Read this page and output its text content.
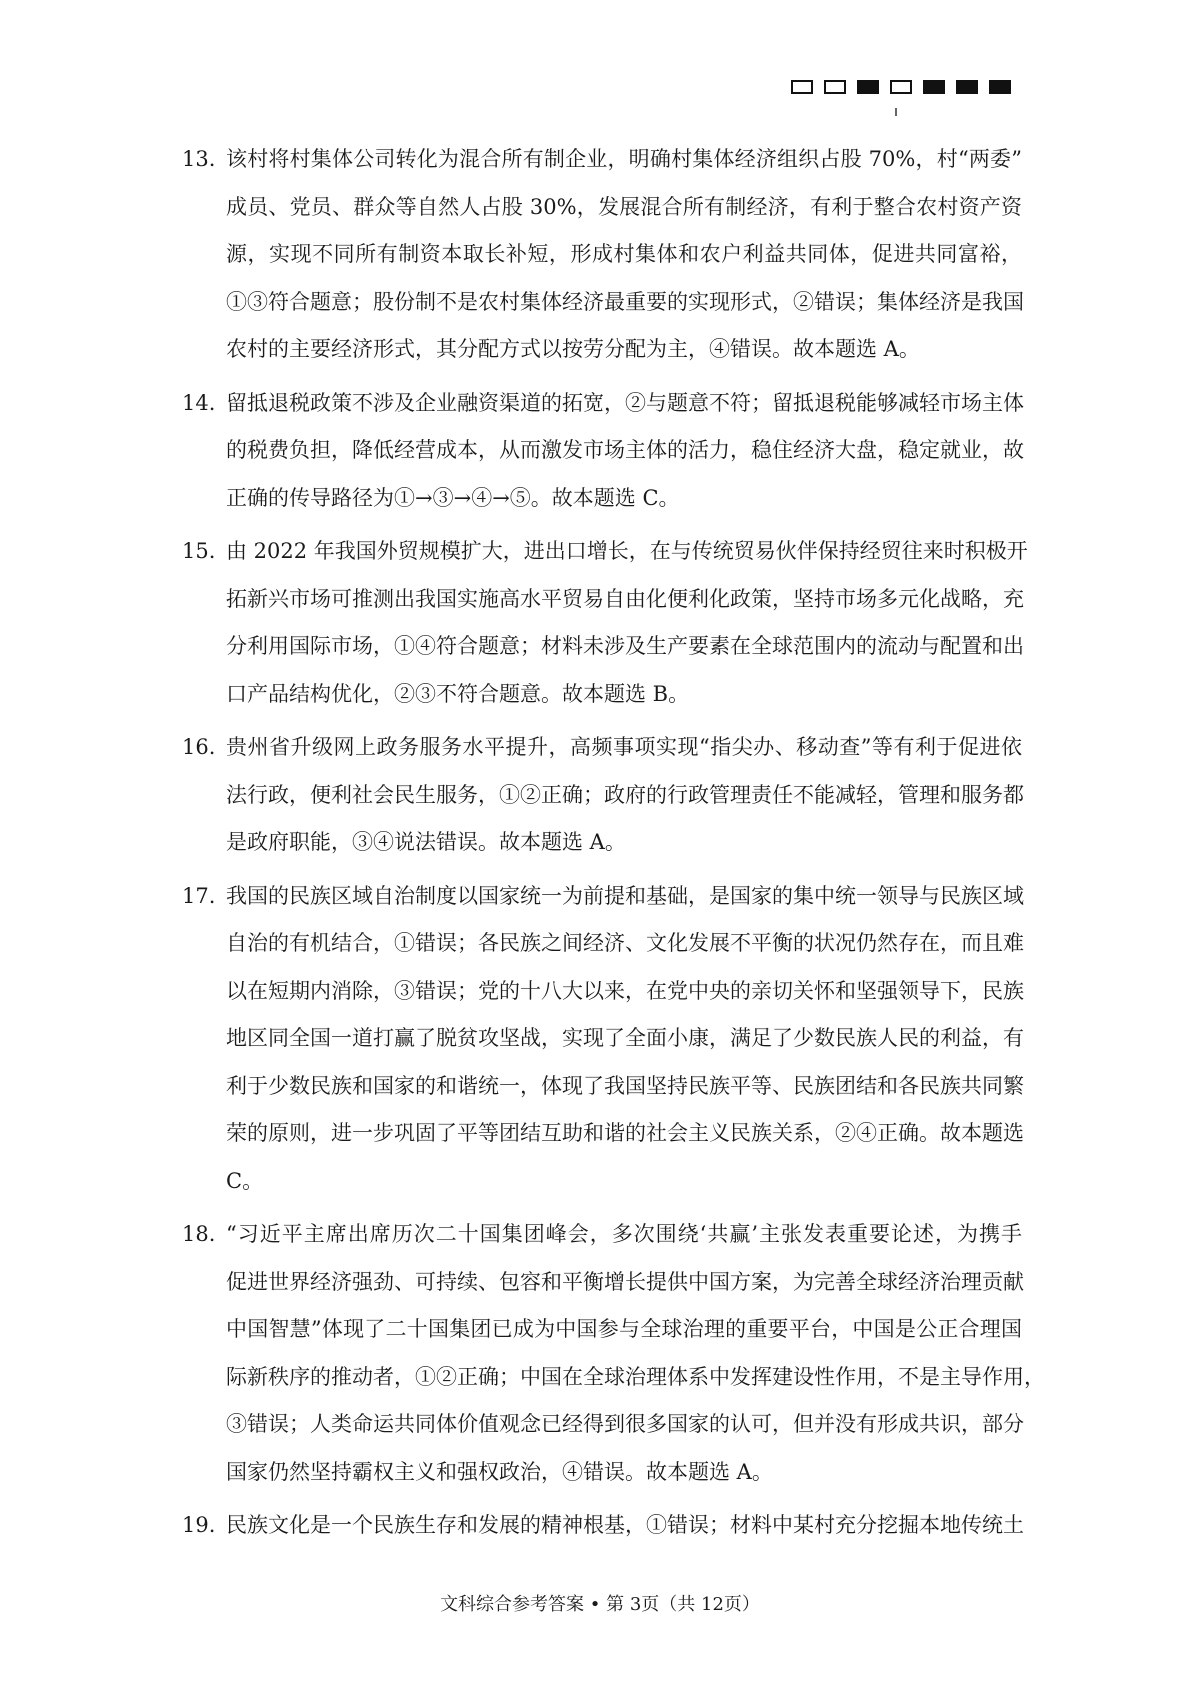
13. 该村将村集体公司转化为混合所有制企业，明确村集体经济组织占股 70%，村“两委”
成员、党员、群众等自然人占股 30%，发展混合所有制经济，有利于整合农村资产资
源，实现不同所有制资本取长补短，形成村集体和农户利益共同体，促进共同富裕，
①③符合题意；股份制不是农村集体经济最重要的实现形式，②错误；集体经济是我国
农村的主要经济形式，其分配方式以按劳分配为主，④错误。故本题选 A。
14. 留抵退税政策不涉及企业融资渠道的拓宽，②与题意不符；留抵退税能够减轻市场主体
的税费负担，降低经营成本，从而激发市场主体的活力，稳住经济大盘，稳定就业，故
正确的传导路径为①→③→④→⑤。故本题选 C。
15. 由 2022 年我国外贸规模扩大，进出口增长，在与传统贸易伙伴保持经贸往来时积极开
拓新兴市场可推测出我国实施高水平贸易自由化便利化政策，坚持市场多元化战略，充
分利用国际市场，①④符合题意；材料未涉及生产要素在全球范围内的流动与配置和出
口产品结构优化，②③不符合题意。故本题选 B。
16. 贵州省升级网上政务服务水平提升，高频事项实现“指尖办、移动查”等有利于促进依
法行政，便利社会民生服务，①②正确；政府的行政管理责任不能减轻，管理和服务都
是政府职能，③④说法错误。故本题选 A。
17. 我国的民族区域自治制度以国家统一为前提和基础，是国家的集中统一领导与民族区域
自治的有机结合，①错误；各民族之间经济、文化发展不平衡的状况仍然存在，而且难
以在短期内消除，③错误；党的十八大以来，在党中央的亲切关怀和坚强领导下，民族
地区同全国一道打赢了脱贫攻坚战，实现了全面小康，满足了少数民族人民的利益，有
利于少数民族和国家的和谐统一，体现了我国坚持民族平等、民族团结和各民族共同繁
荣的原则，进一步巩固了平等团结互助和谐的社会主义民族关系，②④正确。故本题选
C。
18. “习近平主席出席历次二十国集团峰会，多次围绕‘共赢’主张发表重要论述，为携手
促进世界经济强劲、可持续、包容和平衡增长提供中国方案，为完善全球经济治理贡献
中国智慧”体现了二十国集团已成为中国参与全球治理的重要平台，中国是公正合理国
际新秩序的推动者，①②正确；中国在全球治理体系中发挥建设性作用，不是主导作用，
③错误；人类命运共同体价值观念已经得到很多国家的认可，但并没有形成共识，部分
国家仍然坚持霸权主义和强权政治，④错误。故本题选 A。
19. 民族文化是一个民族生存和发展的精神根基，①错误；材料中某村充分挖掘本地传统土
文科综合参考答案 • 第 3页（共 12页）
